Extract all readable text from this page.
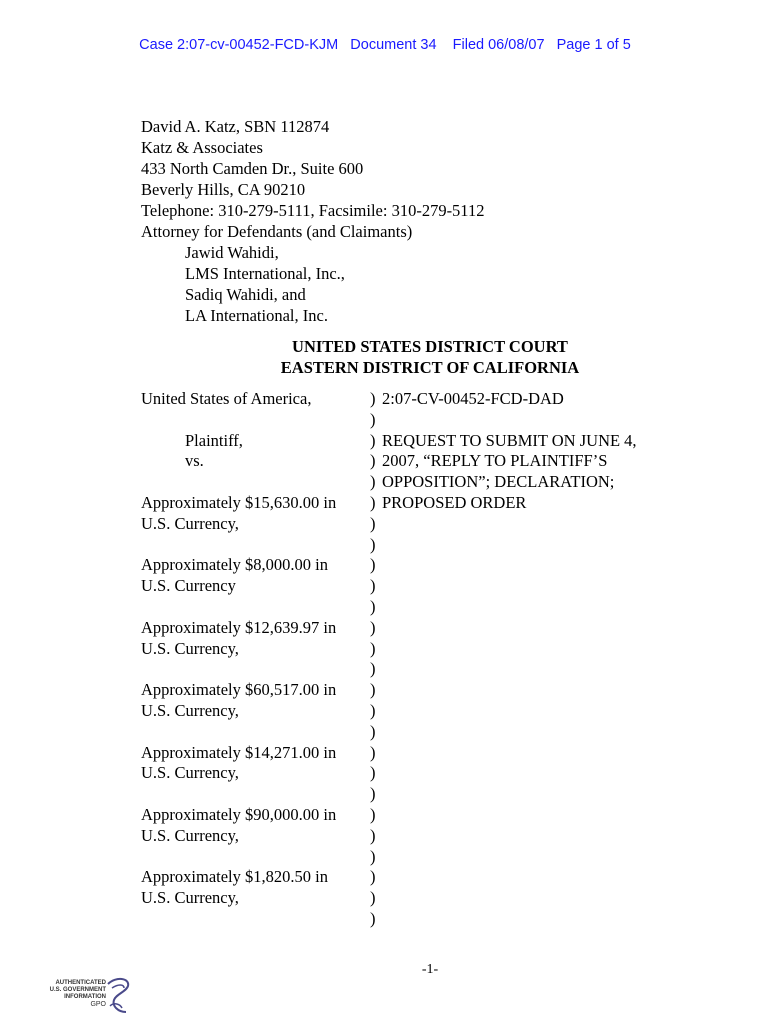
Case 2:07-cv-00452-FCD-KJM   Document 34    Filed 06/08/07   Page 1 of 5
David A. Katz, SBN 112874
Katz & Associates
433 North Camden Dr., Suite 600
Beverly Hills, CA 90210
Telephone: 310-279-5111, Facsimile: 310-279-5112
Attorney for Defendants (and Claimants)
Jawid Wahidi,
LMS International, Inc.,
Sadiq Wahidi, and
LA International, Inc.
UNITED STATES DISTRICT COURT
EASTERN DISTRICT OF CALIFORNIA
United States of America,
Plaintiff,
vs.
Approximately $15,630.00 in
U.S. Currency,
Approximately $8,000.00 in
U.S. Currency
Approximately $12,639.97 in
U.S. Currency,
Approximately $60,517.00 in
U.S. Currency,
Approximately $14,271.00 in
U.S. Currency,
Approximately $90,000.00 in
U.S. Currency,
Approximately $1,820.50 in
U.S. Currency,
)
)
)
)
)
)
)
)
)
)
)
)
)
)
)
)
)
)
)
)
)
)
)
)
)
)
2:07-CV-00452-FCD-DAD
REQUEST TO SUBMIT ON JUNE 4,
2007, “REPLY TO PLAINTIFF’S
OPPOSITION”; DECLARATION;
PROPOSED ORDER
-1-
AUTHENTICATED
U.S. GOVERNMENT
INFORMATION
GPO
